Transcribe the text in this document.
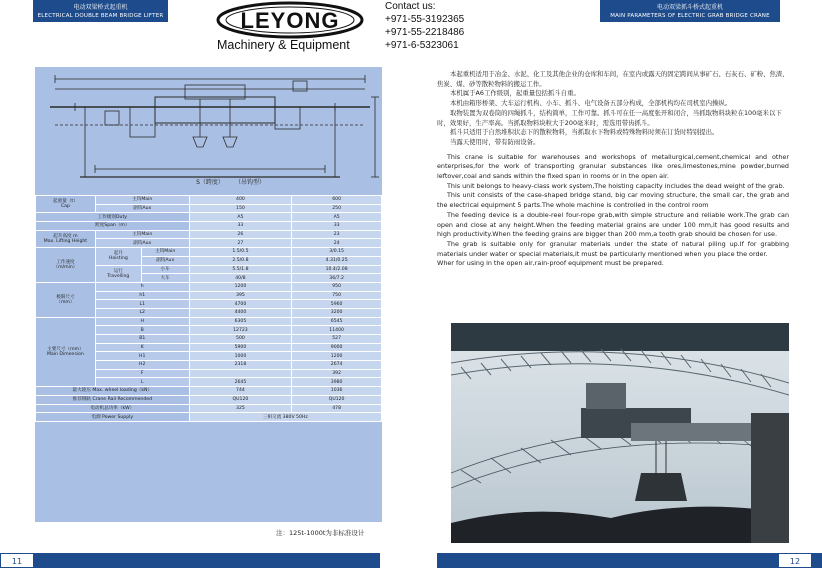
电动双梁桥式起重机
ELECTRICAL DOUBLE BEAM BRIDGE LIFTER
电动双梁抓斗桥式起重机
MAIN PARAMETERS OF ELECTRIC GRAB BRIDGE CRANE
LEYONG
Machinery & Equipment
Contact us:
+971-55-3192365
+971-55-2218486
+971-6-5323061
S（跨度） （吊钩型）
起重量（t）
Cap	主钩Main		400	600
	副钩Aux		150	250
工作级别Duty			A5	A5
跨度Span（m）			33	33
起升高度 m
Max. Lifting Height	主钩Main		26	23
	副钩Aux		27	24
工作速度
（m/min）	起升
Hoisting	主钩Main	1.5/0.5	3/0.15
		副钩Aux	2.5/0.8	4.31/0.25
	运行
Travelling	小车	5.5/1.8	10.4/2.08
		大车	40/8	36/7.2
极限尺寸
（mm）	h		1200	950
	h1		395	750
	L1		4700	5960
	L2		4400	3200
主要尺寸（mm）
Main Dimension	H		6305	6545
	B		12723	11400
	B1		500	527
	K		5900	9000
	H1		1000	1200
	H2		2318	2674
	F			392
	L		2645	3980
最大轮压 Max. wheel loading（kN）			744	1036
推荐钢轨 Crane Rail Recommended			QU120	QU120
电动机总功率（kW）			325	478
电源 Power Supply			三相交流 380V 50Hz	
注：125t-1000t为非标准设计

本起重机适用于冶金、水泥、化工及其他企业的仓库和车间，在室内或露天的固定跨间从事矿石、石灰石、矿粉、焦渣、焦炭、煤、砂等散粒物料的搬运工作。

本机属于A6工作级别，起重量包括抓斗自重。

本机由箱形桥架、大车运行机构、小车、抓斗、电气设备五部分构成，全部机构均在司机室内操纵。

取物装置为双卷筒的四绳抓斗，结构简单，工作可靠。抓斗可在任一高度张开和闭合，当抓取物料块粒在100毫米以下时，效果好，生产率高。当抓取物料块粒大于200毫米时，需选用带齿抓斗。

抓斗只适用于自然堆积状态下的散粒物料，当抓取水下物料或特殊物料时须在订货时特别提出。

当露天使用时，带有防雨设备。

This crane is suitable for warehouses and workshops of metallurgical,cement,chemical and other enterprises,for the work of transporting granular substances like ores,limestones,mine powder,burned leftover,coal and sands within the fixed span in rooms or in the open air.

This unit belongs to heavy-class work system,The hoisting capacity includes the dead weight of the grab.

This unit consists of the case-shaped bridge stand, big car moving structure, the small car, the grab and the electrical equipment 5 parts.The whole machine is controlled in the control room

The feeding device is a double-reel four-rope grab,with simple structure and reliable work.The grab can open and close at any height.When the feeding material grains are under 100 mm,it has good results and high productivity.When the feeding grains are bigger than 200 mm,a tooth grab should be chosen for use.

The grab is suitable only for granular materials under the state of natural piling up.If for grabbing materials under water or special materials,it must be particularly mentioned when you place the order.

Wher for using in the open air,rain-proof equipment must be prepared.

11	12
